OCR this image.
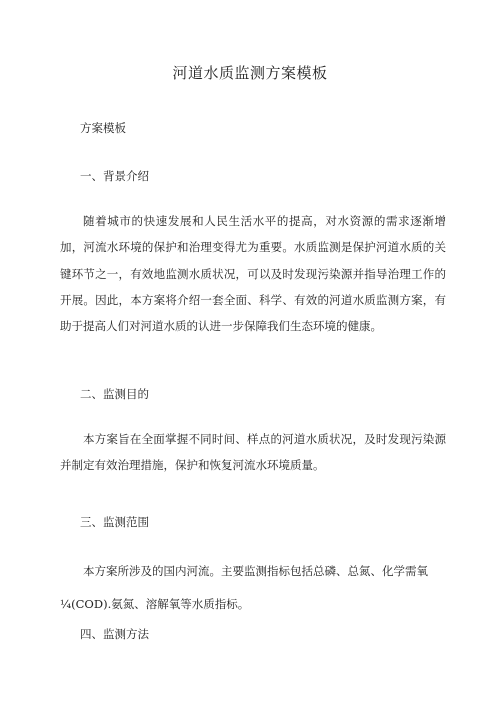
河道水质监测方案模板
方案模板
一、背景介绍
随着城市的快速发展和人民生活水平的提高，对水资源的需求逐渐增加，河流水环境的保护和治理变得尤为重要。水质监测是保护河道水质的关键环节之一，有效地监测水质状况，可以及时发现污染源并指导治理工作的开展。因此，本方案将介绍一套全面、科学、有效的河道水质监测方案，有助于提高人们对河道水质的认进一步保障我们生态环境的健康。
二、监测目的
本方案旨在全面掌握不同时间、样点的河道水质状况，及时发现污染源并制定有效治理措施，保护和恢复河流水环境质量。
三、监测范围
本方案所涉及的国内河流。主要监测指标包括总磷、总氮、化学需氧
¼(COD).氨氮、溶解氧等水质指标。
四、监测方法
